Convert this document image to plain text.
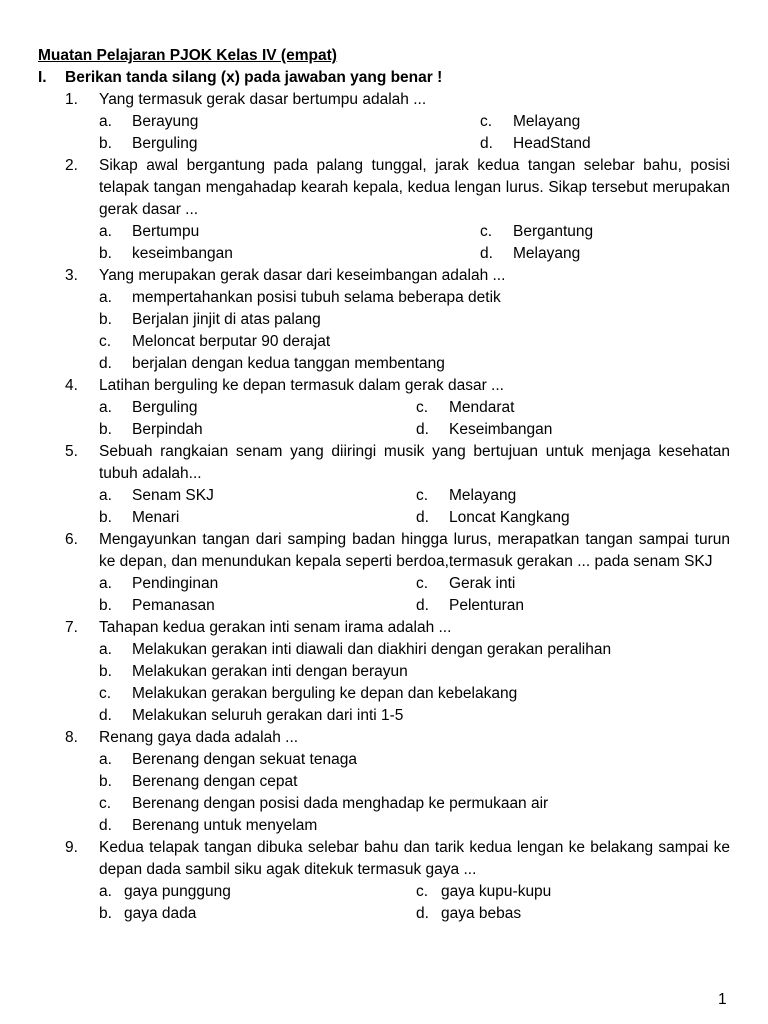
Muatan Pelajaran PJOK Kelas IV (empat)
I. Berikan tanda silang (x) pada jawaban yang benar !
1.	Yang termasuk gerak dasar bertumpu adalah ...
a.	Berayung	c.	Melayang
b.	Berguling	d.	HeadStand
2.	Sikap awal bergantung pada palang tunggal, jarak kedua tangan selebar bahu, posisi telapak tangan mengahadap kearah kepala, kedua lengan lurus. Sikap tersebut merupakan gerak dasar ...
a.	Bertumpu	c.	Bergantung
b.	keseimbangan	d.	Melayang
3.	Yang merupakan gerak dasar dari keseimbangan adalah ...
a.	mempertahankan posisi tubuh selama beberapa detik
b.	Berjalan jinjit di atas palang
c.	Meloncat berputar 90 derajat
d.	berjalan dengan kedua tanggan membentang
4.	Latihan berguling ke depan termasuk dalam gerak dasar ...
a.	Berguling	c.	Mendarat
b.	Berpindah	d.	Keseimbangan
5.	Sebuah rangkaian senam yang diiringi musik yang bertujuan untuk menjaga kesehatan tubuh adalah...
a.	Senam SKJ	c.	Melayang
b.	Menari	d.	Loncat Kangkang
6.	Mengayunkan tangan dari samping badan hingga lurus, merapatkan tangan sampai turun ke depan, dan menundukan kepala seperti berdoa,termasuk gerakan ... pada senam SKJ
a.	Pendinginan	c.	Gerak inti
b.	Pemanasan	d.	Pelenturan
7.	Tahapan kedua gerakan inti senam irama adalah ...
a.	Melakukan gerakan inti diawali dan diakhiri dengan gerakan peralihan
b.	Melakukan gerakan inti dengan berayun
c.	Melakukan gerakan berguling ke depan dan kebelakang
d.	Melakukan seluruh gerakan dari inti 1-5
8.	Renang gaya dada adalah ...
a.	Berenang dengan sekuat tenaga
b.	Berenang dengan cepat
c.	Berenang dengan posisi dada menghadap ke permukaan air
d.	Berenang untuk menyelam
9.	Kedua telapak tangan dibuka selebar bahu dan tarik kedua lengan ke belakang sampai ke depan dada sambil siku agak ditekuk termasuk gaya ...
a. gaya punggung	c. gaya kupu-kupu
b. gaya dada	d. gaya bebas
1
